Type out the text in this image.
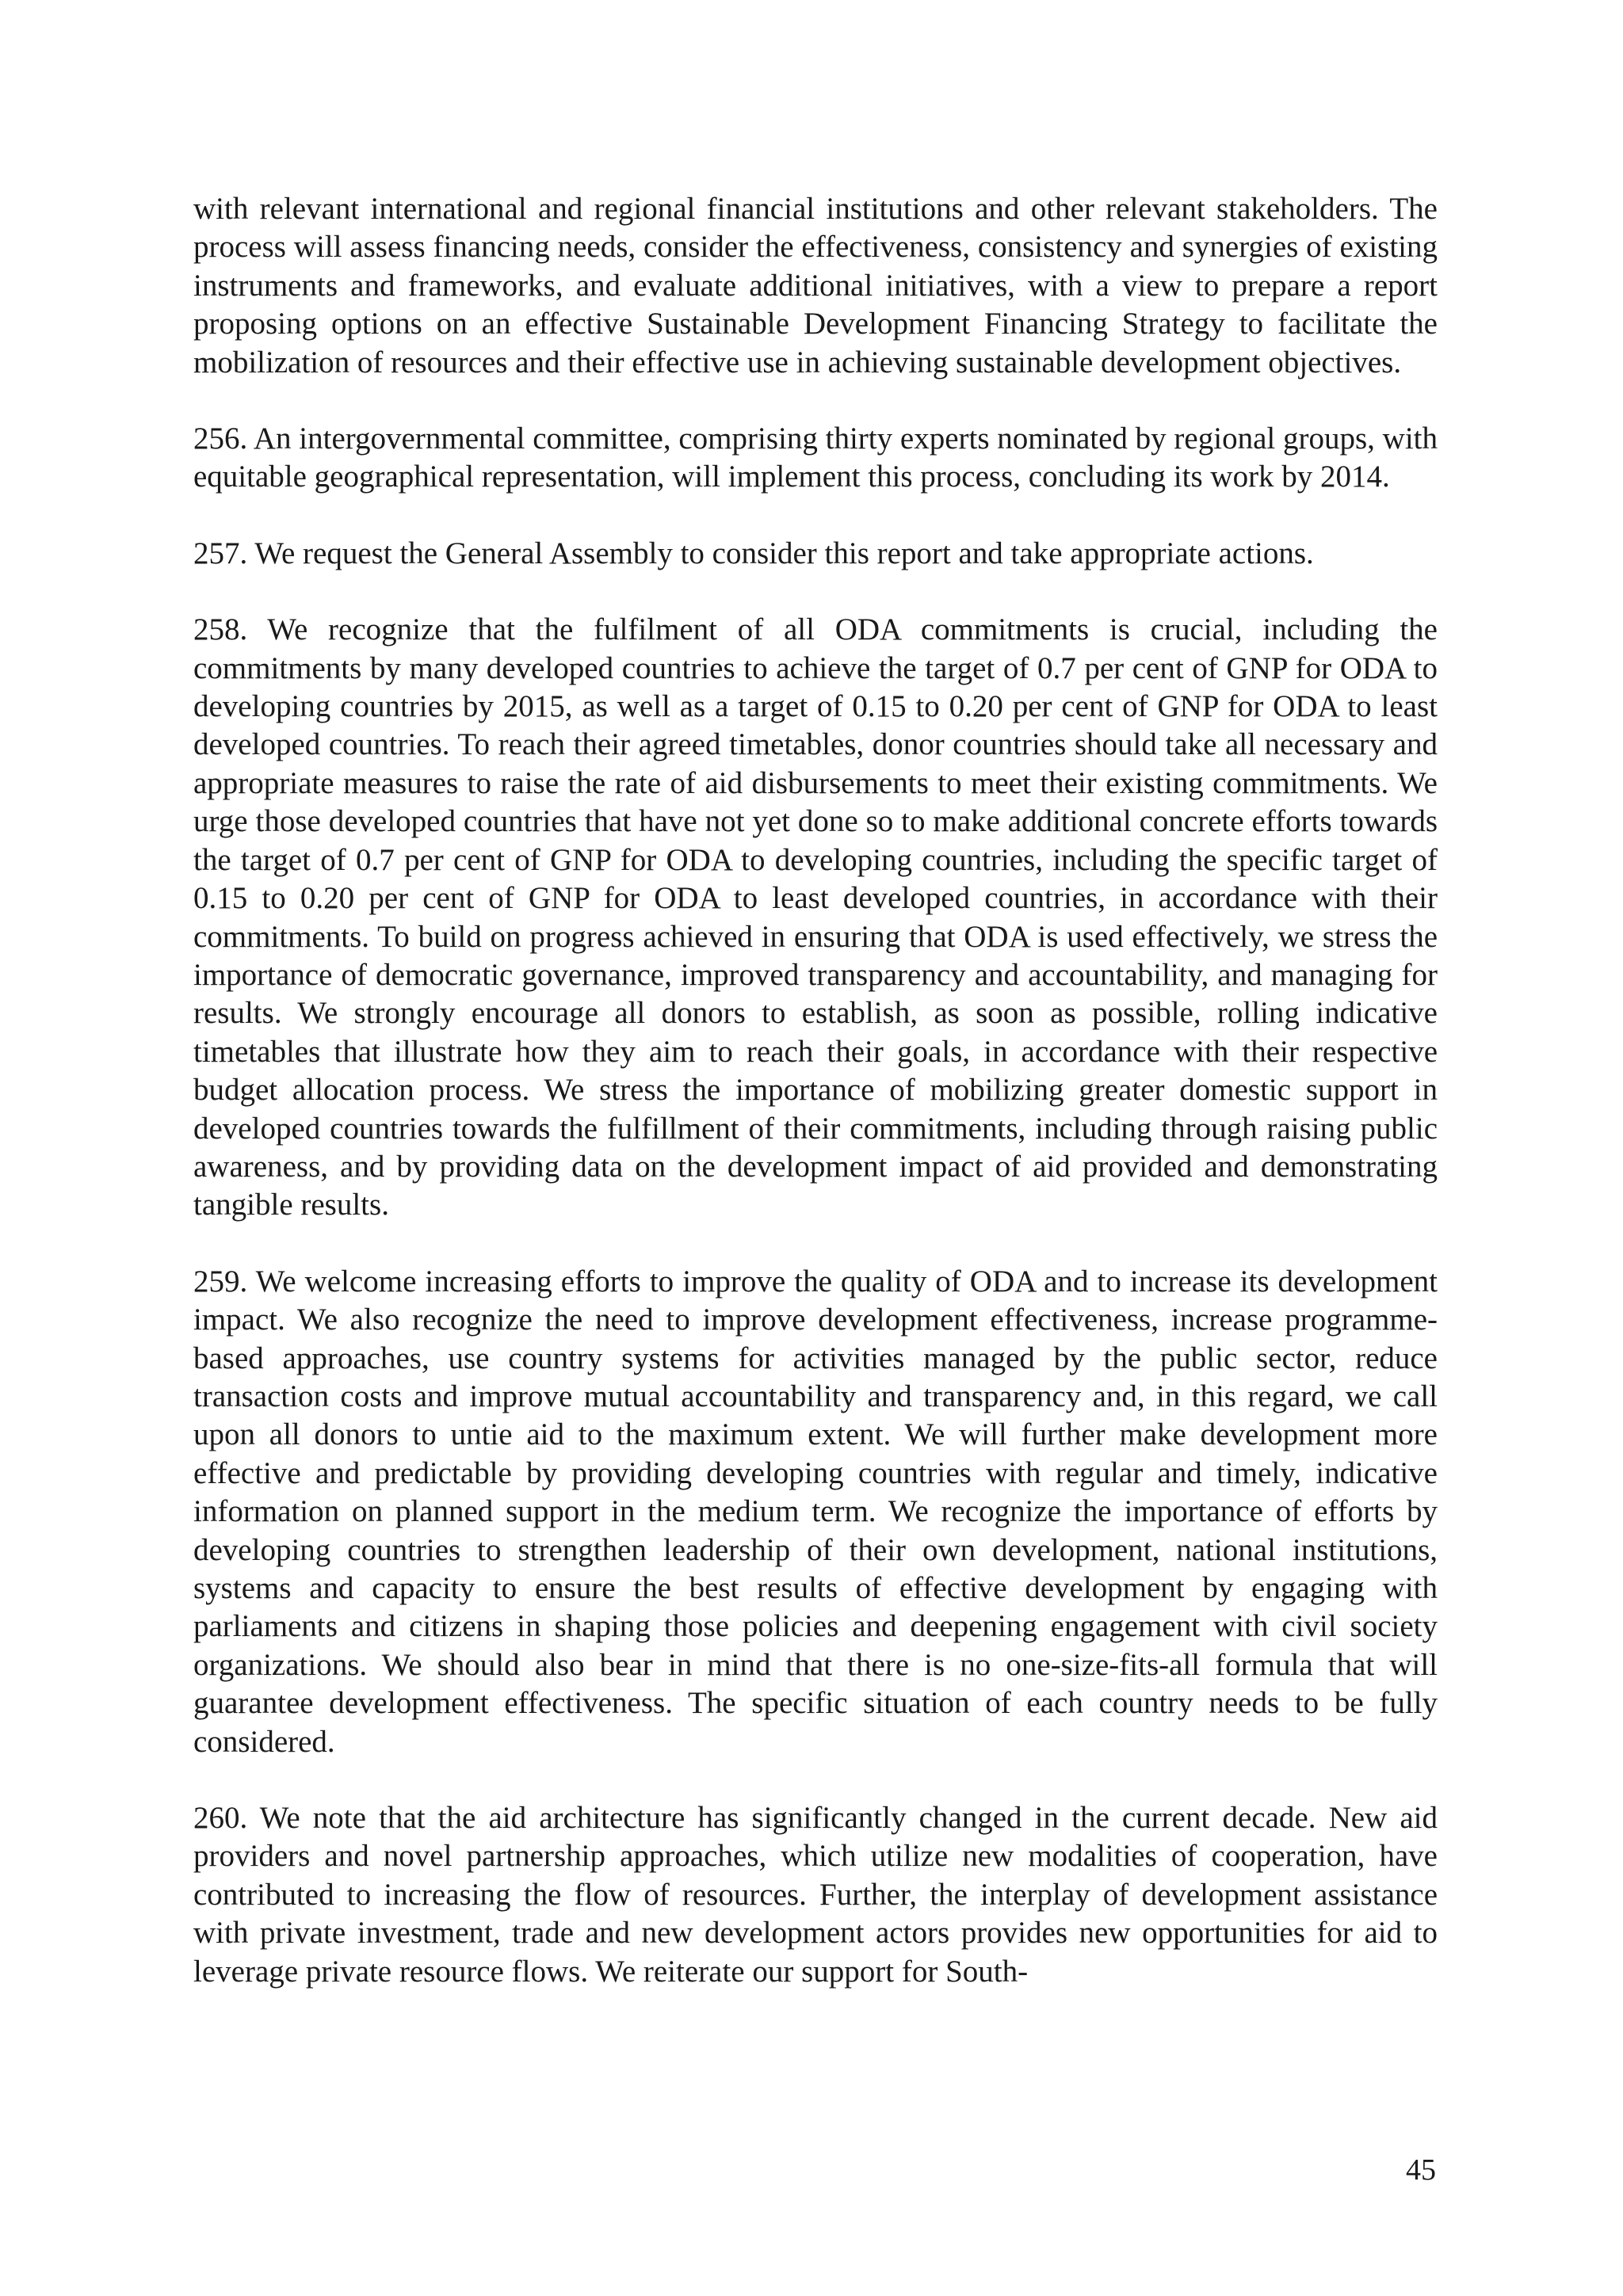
with relevant international and regional financial institutions and other relevant stakeholders. The process will assess financing needs, consider the effectiveness, consistency and synergies of existing instruments and frameworks, and evaluate additional initiatives, with a view to prepare a report proposing options on an effective Sustainable Development Financing Strategy to facilitate the mobilization of resources and their effective use in achieving sustainable development objectives.

256. An intergovernmental committee, comprising thirty experts nominated by regional groups, with equitable geographical representation, will implement this process, concluding its work by 2014.

257. We request the General Assembly to consider this report and take appropriate actions.

258. We recognize that the fulfilment of all ODA commitments is crucial, including the commitments by many developed countries to achieve the target of 0.7 per cent of GNP for ODA to developing countries by 2015, as well as a target of 0.15 to 0.20 per cent of GNP for ODA to least developed countries. To reach their agreed timetables, donor countries should take all necessary and appropriate measures to raise the rate of aid disbursements to meet their existing commitments. We urge those developed countries that have not yet done so to make additional concrete efforts towards the target of 0.7 per cent of GNP for ODA to developing countries, including the specific target of 0.15 to 0.20 per cent of GNP for ODA to least developed countries, in accordance with their commitments. To build on progress achieved in ensuring that ODA is used effectively, we stress the importance of democratic governance, improved transparency and accountability, and managing for results. We strongly encourage all donors to establish, as soon as possible, rolling indicative timetables that illustrate how they aim to reach their goals, in accordance with their respective budget allocation process. We stress the importance of mobilizing greater domestic support in developed countries towards the fulfillment of their commitments, including through raising public awareness, and by providing data on the development impact of aid provided and demonstrating tangible results.

259. We welcome increasing efforts to improve the quality of ODA and to increase its development impact. We also recognize the need to improve development effectiveness, increase programme-based approaches, use country systems for activities managed by the public sector, reduce transaction costs and improve mutual accountability and transparency and, in this regard, we call upon all donors to untie aid to the maximum extent. We will further make development more effective and predictable by providing developing countries with regular and timely, indicative information on planned support in the medium term. We recognize the importance of efforts by developing countries to strengthen leadership of their own development, national institutions, systems and capacity to ensure the best results of effective development by engaging with parliaments and citizens in shaping those policies and deepening engagement with civil society organizations. We should also bear in mind that there is no one-size-fits-all formula that will guarantee development effectiveness. The specific situation of each country needs to be fully considered.

260. We note that the aid architecture has significantly changed in the current decade. New aid providers and novel partnership approaches, which utilize new modalities of cooperation, have contributed to increasing the flow of resources. Further, the interplay of development assistance with private investment, trade and new development actors provides new opportunities for aid to leverage private resource flows. We reiterate our support for South-

45
